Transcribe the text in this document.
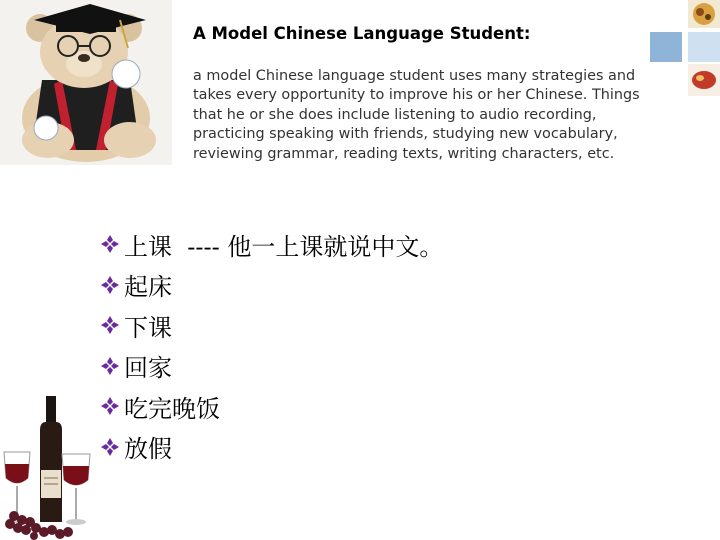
A Model Chinese Language Student:
a model Chinese language student uses many strategies and takes every opportunity to improve his or her Chinese. Things that he or she does include listening to audio recording, practicing speaking with friends, studying new vocabulary, reviewing grammar, reading texts, writing characters, etc.
上课  ---- 他一上课就说中文。
起床
下课
回家
吃完晚饭
放假
